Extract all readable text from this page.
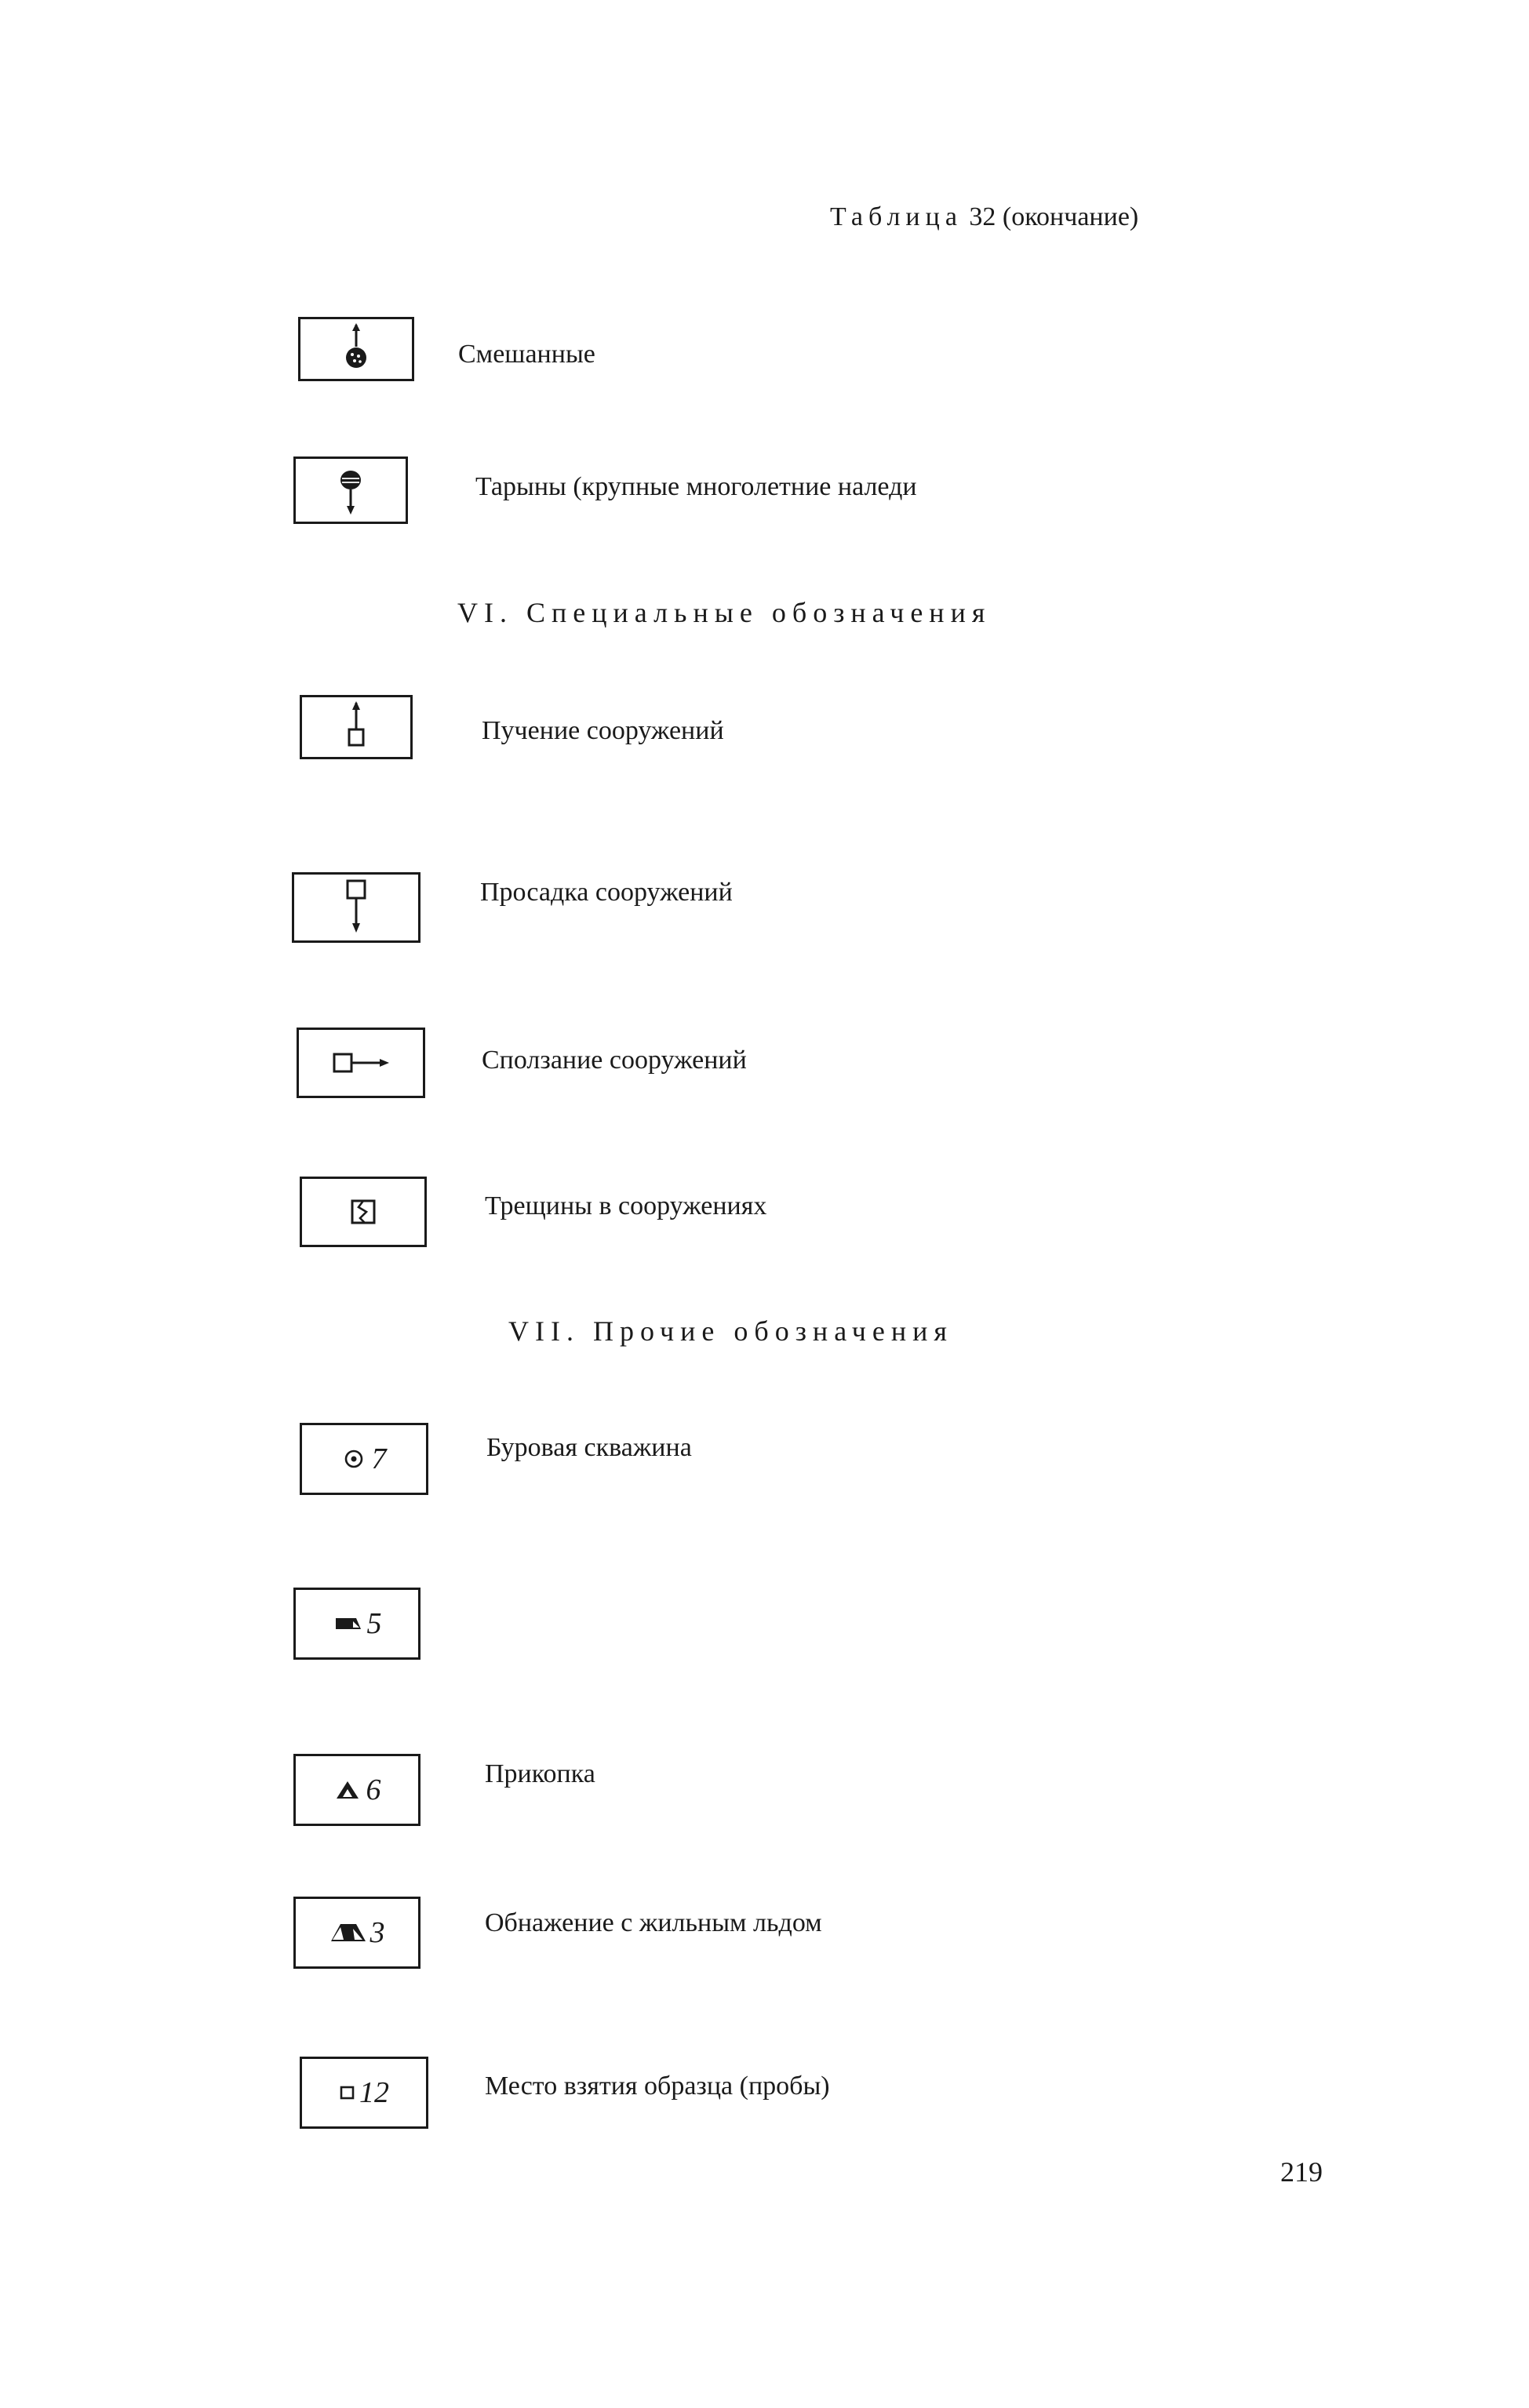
Таблица 32 (окончание)
Смешанные
Тарыны (крупные многолетние наледи
VI. Специальные обозначения
Пучение сооружений
Просадка сооружений
Сползание сооружений
Трещины в сооружениях
VII. Прочие обозначения
7	Буровая скважина
5
6	Прикопка
3	Обнажение с жильным льдом
12	Место взятия образца (пробы)
219
